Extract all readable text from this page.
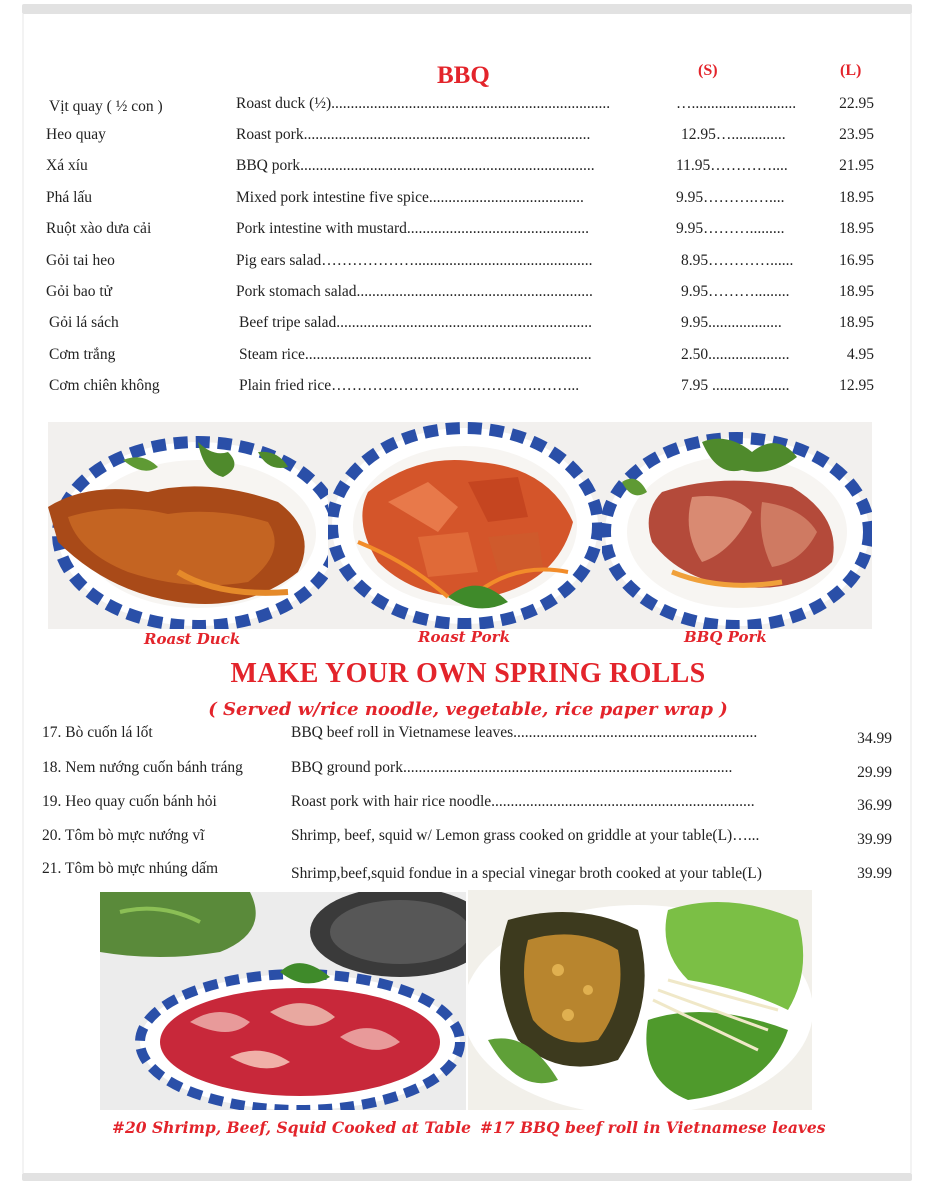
BBQ	(S)	(L)
Vịt quay ( ½ con )	Roast duck (½)........................................................................	…...........................	22.95
Heo quay	Roast pork..........................................................................	12.95…..............	23.95
Xá xíu	BBQ pork............................................................................	11.95…………....	21.95
Phá lấu	Mixed pork intestine five spice........................................	9.95……….…....	18.95
Ruột xào dưa cải	Pork intestine with mustard...............................................	9.95……….........	18.95
Gỏi tai heo	Pig ears salad………………..............................................	8.95…………......	16.95
Gỏi bao tử	Pork stomach salad.............................................................	9.95……….........	18.95
Gỏi lá sách	Beef tripe salad..................................................................	9.95...................	18.95
Cơm trắng	Steam rice..........................................................................	2.50.....................	4.95
Cơm chiên không	Plain fried rice………………………………….……...	7.95 ....................	12.95
Roast Duck	Roast Pork	BBQ Pork
MAKE YOUR OWN SPRING ROLLS
( Served w/rice noodle, vegetable, rice paper wrap )
17. Bò cuốn lá lốt	BBQ beef roll in Vietnamese leaves...............................................................	34.99
18. Nem nướng cuốn bánh tráng	BBQ ground pork.....................................................................................	29.99
19. Heo quay cuốn bánh hỏi	Roast pork with hair rice noodle....................................................................	36.99
20. Tôm bò mực nướng vĩ	Shrimp, beef, squid w/ Lemon grass cooked on griddle at your table(L)…...	39.99
21. Tôm bò mực nhúng dấm	Shrimp,beef,squid fondue in a special vinegar broth cooked at your table(L)	39.99
#20 Shrimp, Beef, Squid Cooked at Table #17 BBQ beef roll in Vietnamese leaves
